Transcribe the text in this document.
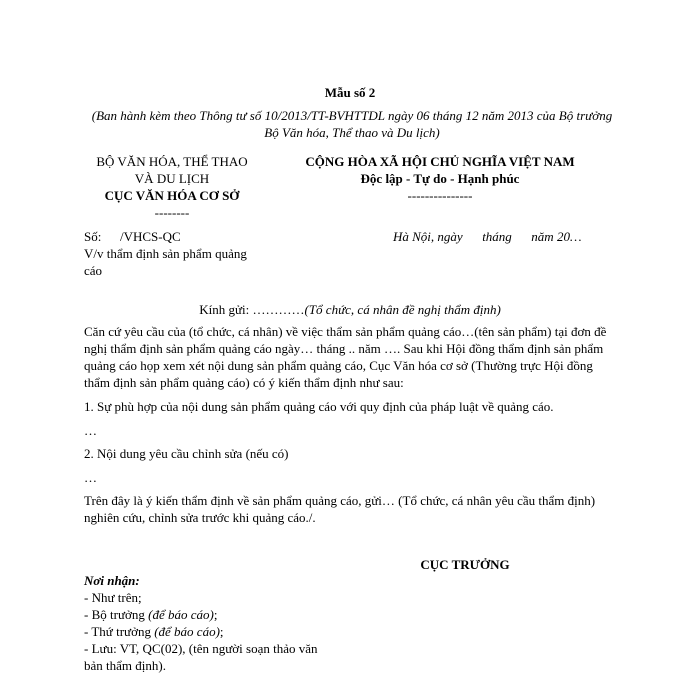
Mẫu số 2
(Ban hành kèm theo Thông tư số 10/2013/TT-BVHTTDL ngày 06 tháng 12 năm 2013 của Bộ trưởng Bộ Văn hóa, Thể thao và Du lịch)
BỘ VĂN HÓA, THỂ THAO
VÀ DU LỊCH
CỤC VĂN HÓA CƠ SỞ
--------
CỘNG HÒA XÃ HỘI CHỦ NGHĨA VIỆT NAM
Độc lập - Tự do - Hạnh phúc
---------------
Số: /VHCS-QC	Hà Nội, ngày      tháng      năm 20…
V/v thẩm định sản phẩm quảng cáo
Kính gửi: …………(Tổ chức, cá nhân đề nghị thẩm định)
Căn cứ yêu cầu của (tổ chức, cá nhân) về việc thẩm sản phẩm quảng cáo…(tên sản phẩm) tại đơn đề nghị thẩm định sản phẩm quảng cáo ngày… tháng .. năm …. Sau khi Hội đồng thẩm định sản phẩm quảng cáo họp xem xét nội dung sản phẩm quảng cáo, Cục Văn hóa cơ sở (Thường trực Hội đồng thẩm định sản phẩm quảng cáo) có ý kiến thẩm định như sau:
1. Sự phù hợp của nội dung sản phẩm quảng cáo với quy định của pháp luật về quảng cáo.
…
2. Nội dung yêu cầu chỉnh sửa (nếu có)
…
Trên đây là ý kiến thẩm định về sản phẩm quảng cáo, gửi… (Tổ chức, cá nhân yêu cầu thẩm định) nghiên cứu, chỉnh sửa trước khi quảng cáo./.
CỤC TRƯỞNG
Nơi nhận:
- Như trên;
- Bộ trưởng (để báo cáo);
- Thứ trưởng (để báo cáo);
- Lưu: VT, QC(02), (tên người soạn thảo văn bản thẩm định).
